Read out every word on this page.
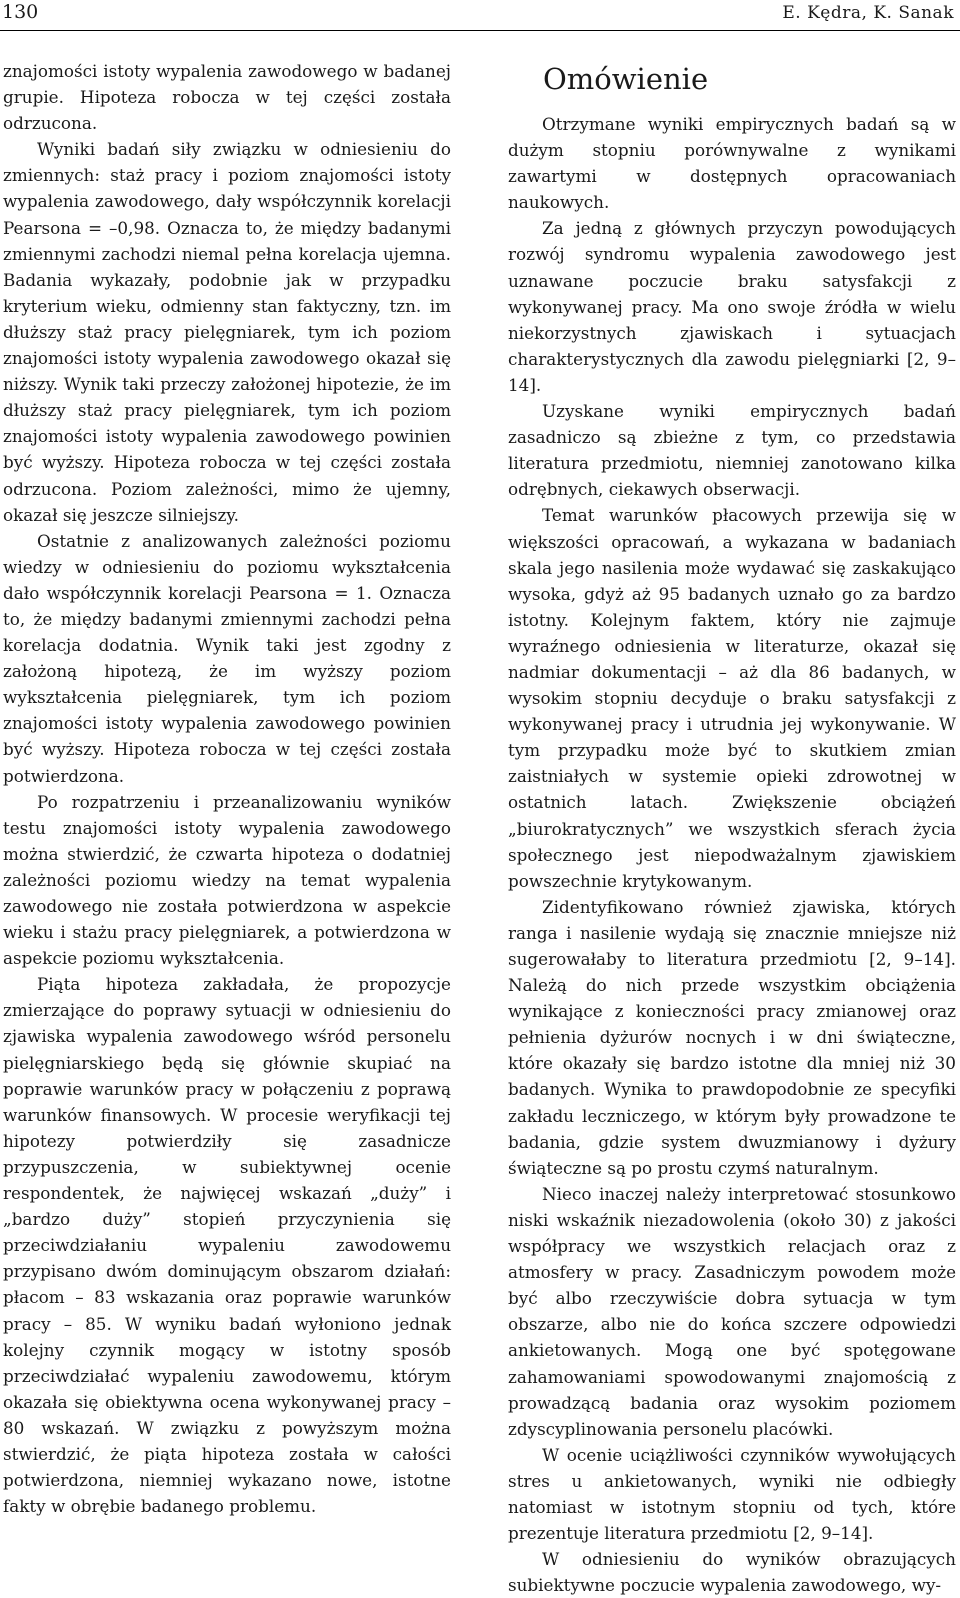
130	E. Kędra, K. Sanak

znajomości istoty wypalenia zawodowego w badanej grupie. Hipoteza robocza w tej części została odrzucona.

Wyniki badań siły związku w odniesieniu do zmiennych: staż pracy i poziom znajomości istoty wypalenia zawodowego, dały współczynnik korelacji Pearsona = –0,98. Oznacza to, że między badanymi zmiennymi zachodzi niemal pełna korelacja ujemna. Badania wykazały, podobnie jak w przypadku kryterium wieku, odmienny stan faktyczny, tzn. im dłuższy staż pracy pielęgniarek, tym ich poziom znajomości istoty wypalenia zawodowego okazał się niższy. Wynik taki przeczy założonej hipotezie, że im dłuższy staż pracy pielęgniarek, tym ich poziom znajomości istoty wypalenia zawodowego powinien być wyższy. Hipoteza robocza w tej części została odrzucona. Poziom zależności, mimo że ujemny, okazał się jeszcze silniejszy.

Ostatnie z analizowanych zależności poziomu wiedzy w odniesieniu do poziomu wykształcenia dało współczynnik korelacji Pearsona = 1. Oznacza to, że między badanymi zmiennymi zachodzi pełna korelacja dodatnia. Wynik taki jest zgodny z założoną hipotezą, że im wyższy poziom wykształcenia pielęgniarek, tym ich poziom znajomości istoty wypalenia zawodowego powinien być wyższy. Hipoteza robocza w tej części została potwierdzona.

Po rozpatrzeniu i przeanalizowaniu wyników testu znajomości istoty wypalenia zawodowego można stwierdzić, że czwarta hipoteza o dodatniej zależności poziomu wiedzy na temat wypalenia zawodowego nie została potwierdzona w aspekcie wieku i stażu pracy pielęgniarek, a potwierdzona w aspekcie poziomu wykształcenia.

Piąta hipoteza zakładała, że propozycje zmierzające do poprawy sytuacji w odniesieniu do zjawiska wypalenia zawodowego wśród personelu pielęgniarskiego będą się głównie skupiać na poprawie warunków pracy w połączeniu z poprawą warunków finansowych. W procesie weryfikacji tej hipotezy potwierdziły się zasadnicze przypuszczenia, w subiektywnej ocenie respondentek, że najwięcej wskazań „duży” i „bardzo duży” stopień przyczynienia się przeciwdziałaniu wypaleniu zawodowemu przypisano dwóm dominującym obszarom działań: płacom – 83 wskazania oraz poprawie warunków pracy – 85. W wyniku badań wyłoniono jednak kolejny czynnik mogący w istotny sposób przeciwdziałać wypaleniu zawodowemu, którym okazała się obiektywna ocena wykonywanej pracy – 80 wskazań. W związku z powyższym można stwierdzić, że piąta hipoteza została w całości potwierdzona, niemniej wykazano nowe, istotne fakty w obrębie badanego problemu.

Omówienie

Otrzymane wyniki empirycznych badań są w dużym stopniu porównywalne z wynikami zawartymi w dostępnych opracowaniach naukowych.

Za jedną z głównych przyczyn powodujących rozwój syndromu wypalenia zawodowego jest uznawane poczucie braku satysfakcji z wykonywanej pracy. Ma ono swoje źródła w wielu niekorzystnych zjawiskach i sytuacjach charakterystycznych dla zawodu pielęgniarki [2, 9–14].

Uzyskane wyniki empirycznych badań zasadniczo są zbieżne z tym, co przedstawia literatura przedmiotu, niemniej zanotowano kilka odrębnych, ciekawych obserwacji.

Temat warunków płacowych przewija się w większości opracowań, a wykazana w badaniach skala jego nasilenia może wydawać się zaskakująco wysoka, gdyż aż 95 badanych uznało go za bardzo istotny. Kolejnym faktem, który nie zajmuje wyraźnego odniesienia w literaturze, okazał się nadmiar dokumentacji – aż dla 86 badanych, w wysokim stopniu decyduje o braku satysfakcji z wykonywanej pracy i utrudnia jej wykonywanie. W tym przypadku może być to skutkiem zmian zaistniałych w systemie opieki zdrowotnej w ostatnich latach. Zwiększenie obciążeń „biurokratycznych” we wszystkich sferach życia społecznego jest niepodważalnym zjawiskiem powszechnie krytykowanym.

Zidentyfikowano również zjawiska, których ranga i nasilenie wydają się znacznie mniejsze niż sugerowałaby to literatura przedmiotu [2, 9–14]. Należą do nich przede wszystkim obciążenia wynikające z konieczności pracy zmianowej oraz pełnienia dyżurów nocnych i w dni świąteczne, które okazały się bardzo istotne dla mniej niż 30 badanych. Wynika to prawdopodobnie ze specyfiki zakładu leczniczego, w którym były prowadzone te badania, gdzie system dwuzmianowy i dyżury świąteczne są po prostu czymś naturalnym.

Nieco inaczej należy interpretować stosunkowo niski wskaźnik niezadowolenia (około 30) z jakości współpracy we wszystkich relacjach oraz z atmosfery w pracy. Zasadniczym powodem może być albo rzeczywiście dobra sytuacja w tym obszarze, albo nie do końca szczere odpowiedzi ankietowanych. Mogą one być spotęgowane zahamowaniami spowodowanymi znajomością z prowadzącą badania oraz wysokim poziomem zdyscyplinowania personelu placówki.

W ocenie uciążliwości czynników wywołujących stres u ankietowanych, wyniki nie odbiegły natomiast w istotnym stopniu od tych, które prezentuje literatura przedmiotu [2, 9–14].

W odniesieniu do wyników obrazujących subiektywne poczucie wypalenia zawodowego, wy-
